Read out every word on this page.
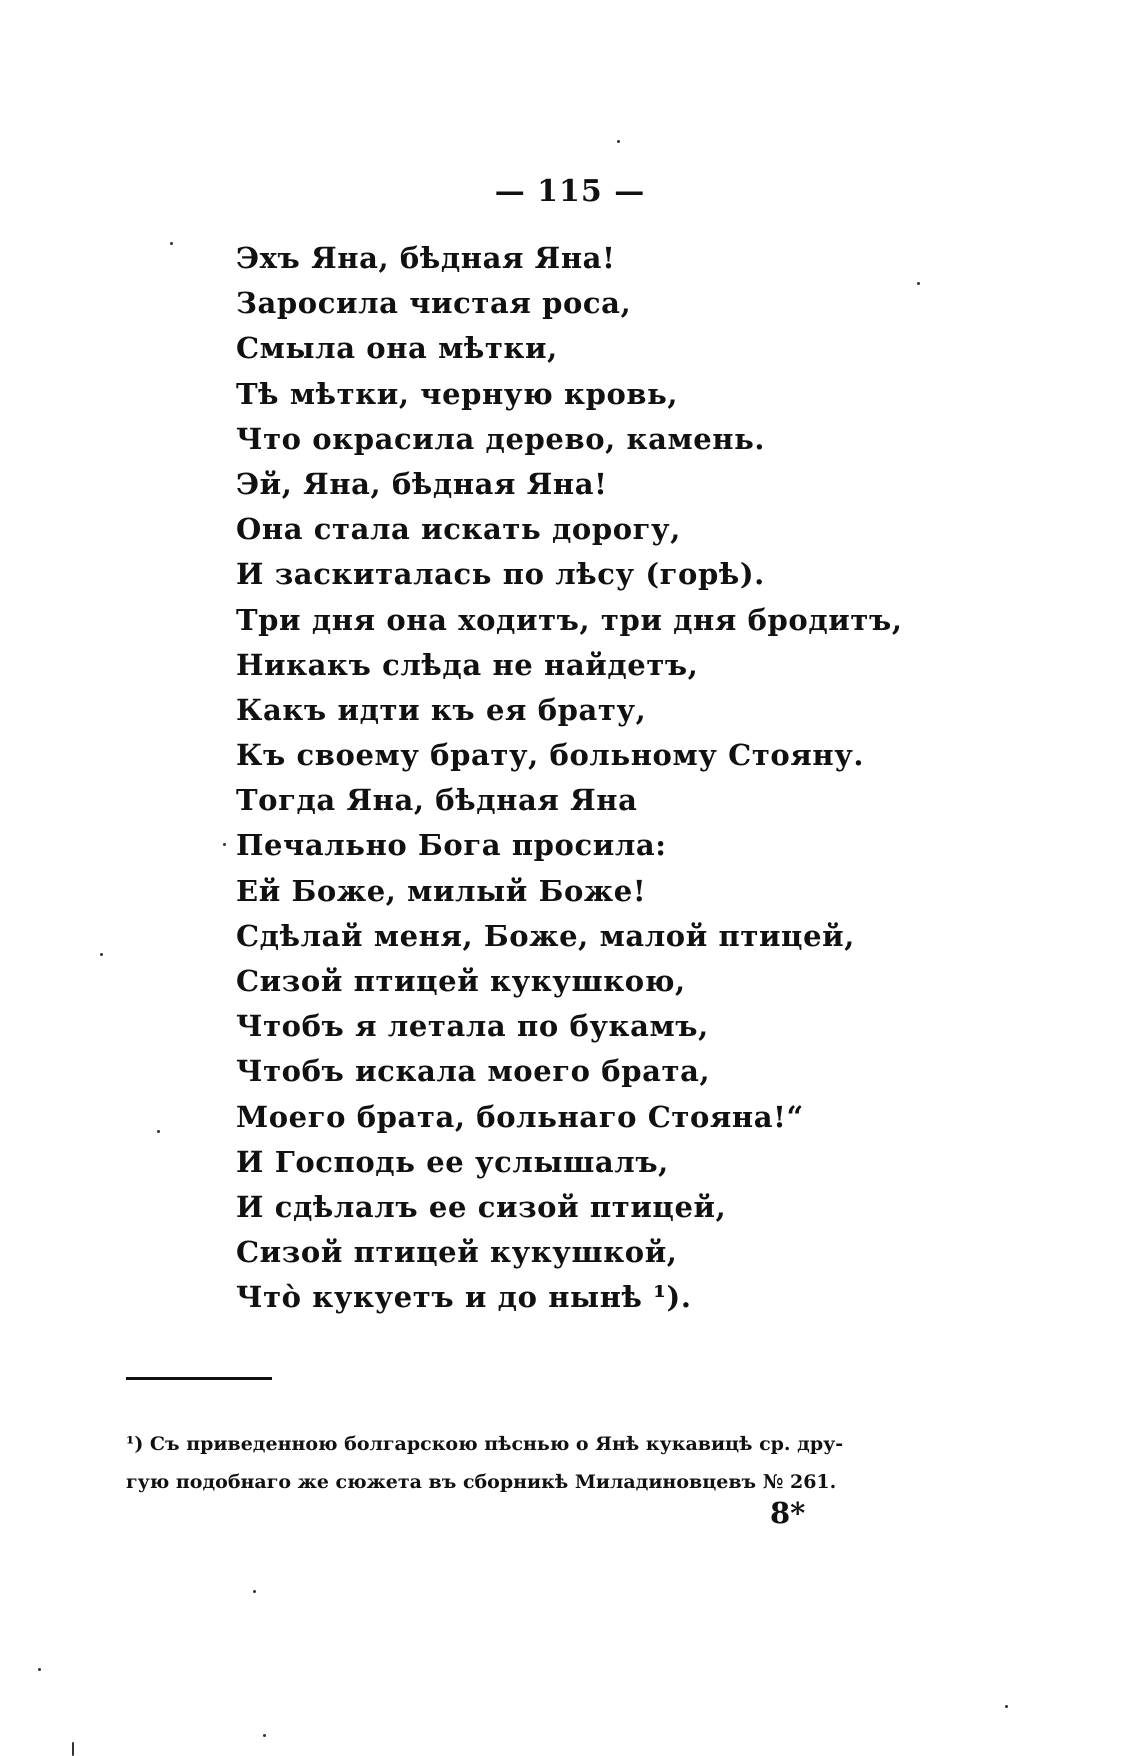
— 115 —
Эхъ Яна, бѣдная Яна!
Заросила чистая роса,
Смыла она мѣтки,
Тѣ мѣтки, черную кровь,
Что окрасила дерево, камень.
Эй, Яна, бѣдная Яна!
Она стала искать дорогу,
И заскиталась по лѣсу (горѣ).
Три дня она ходитъ, три дня бродитъ,
Никакъ слѣда не найдетъ,
Какъ идти къ ея брату,
Къ своему брату, больному Стояну.
Тогда Яна, бѣдная Яна
Печально Бога просила:
Ей Боже, милый Боже!
Сдѣлай меня, Боже, малой птицей,
Сизой птицей кукушкою,
Чтобъ я летала по букамъ,
Чтобъ искала моего брата,
Моего брата, больнаго Стояна!“
И Господь ее услышалъ,
И сдѣлалъ ее сизой птицей,
Сизой птицей кукушкой,
Что̀ кукуетъ и до нынѣ ¹).
¹) Съ приведенною болгарскою пѣснью о Янѣ кукавицѣ ср. дру-
гую подобнаго же сюжета въ сборникѣ Миладиновцевъ № 261.
8*
